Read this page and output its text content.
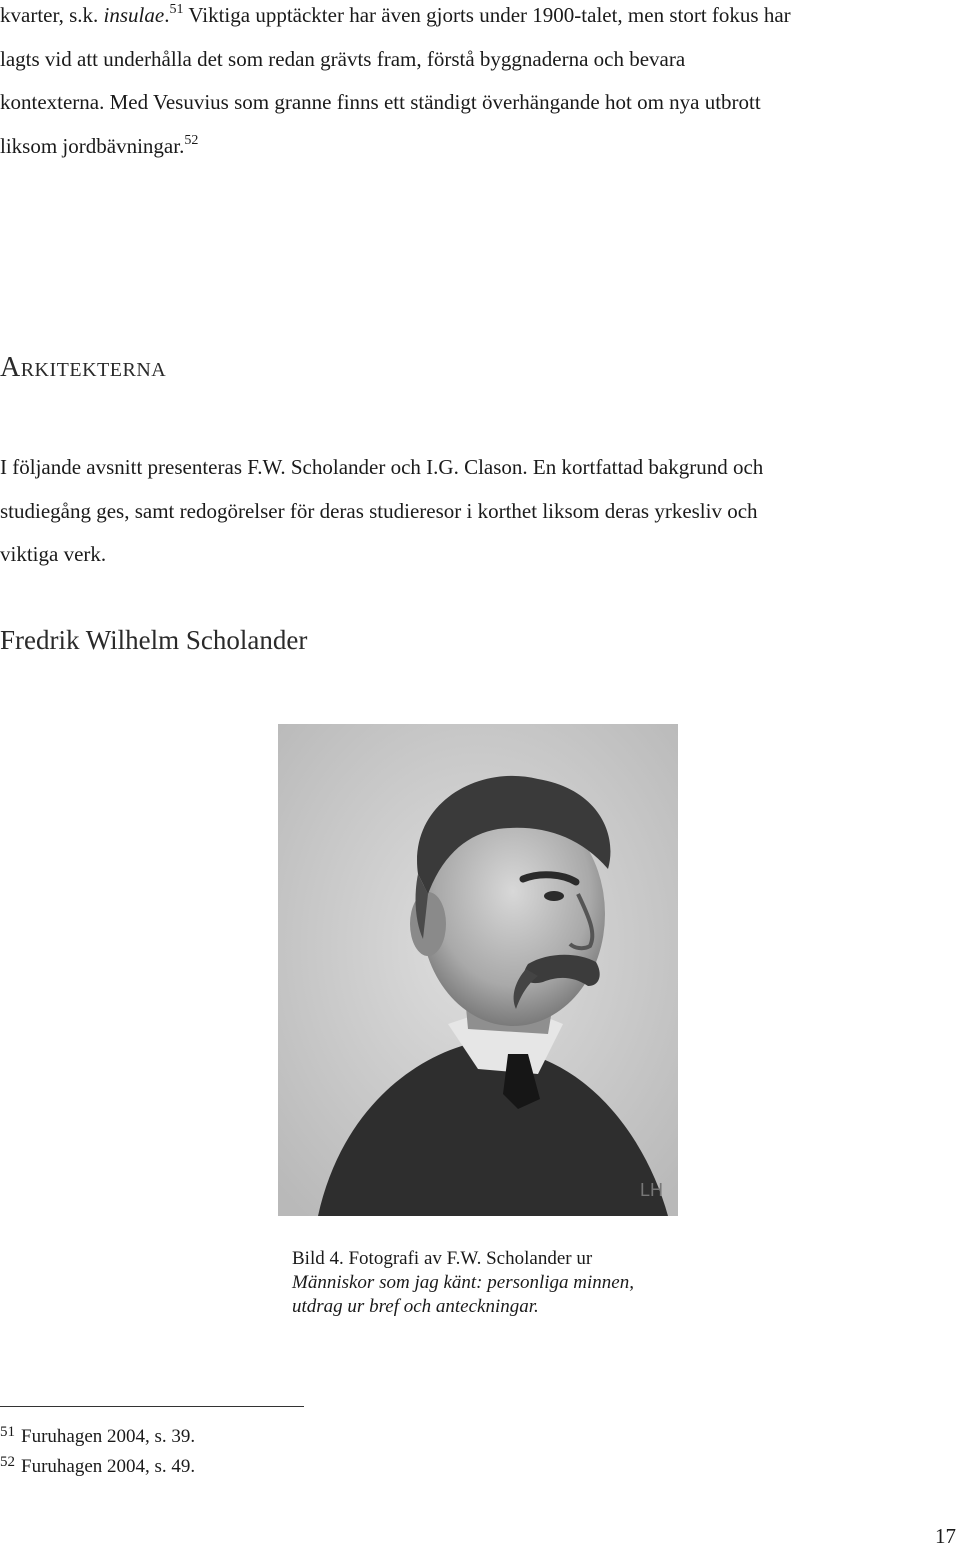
kvarter, s.k. insulae.$^{51}$ Viktiga upptäckter har även gjorts under 1900-talet, men stort fokus har
lagts vid att underhålla det som redan grävts fram, förstå byggnaderna och bevara
kontexterna. Med Vesuvius som granne finns ett ständigt överhängande hot om nya utbrott
liksom jordbävningar.$^{52}$

Arkitekterna

I följande avsnitt presenteras F.W. Scholander och I.G. Clason. En kortfattad bakgrund och
studiegång ges, samt redogörelser för deras studieresor i korthet liksom deras yrkesliv och
viktiga verk.

Fredrik Wilhelm Scholander
LH

Bild 4. Fotografi av F.W. Scholander ur
Människor som jag känt: personliga minnen,
utdrag ur bref och anteckningar.

$^{51}$ Furuhagen 2004, s. 39.
$^{52}$ Furuhagen 2004, s. 49.
17
